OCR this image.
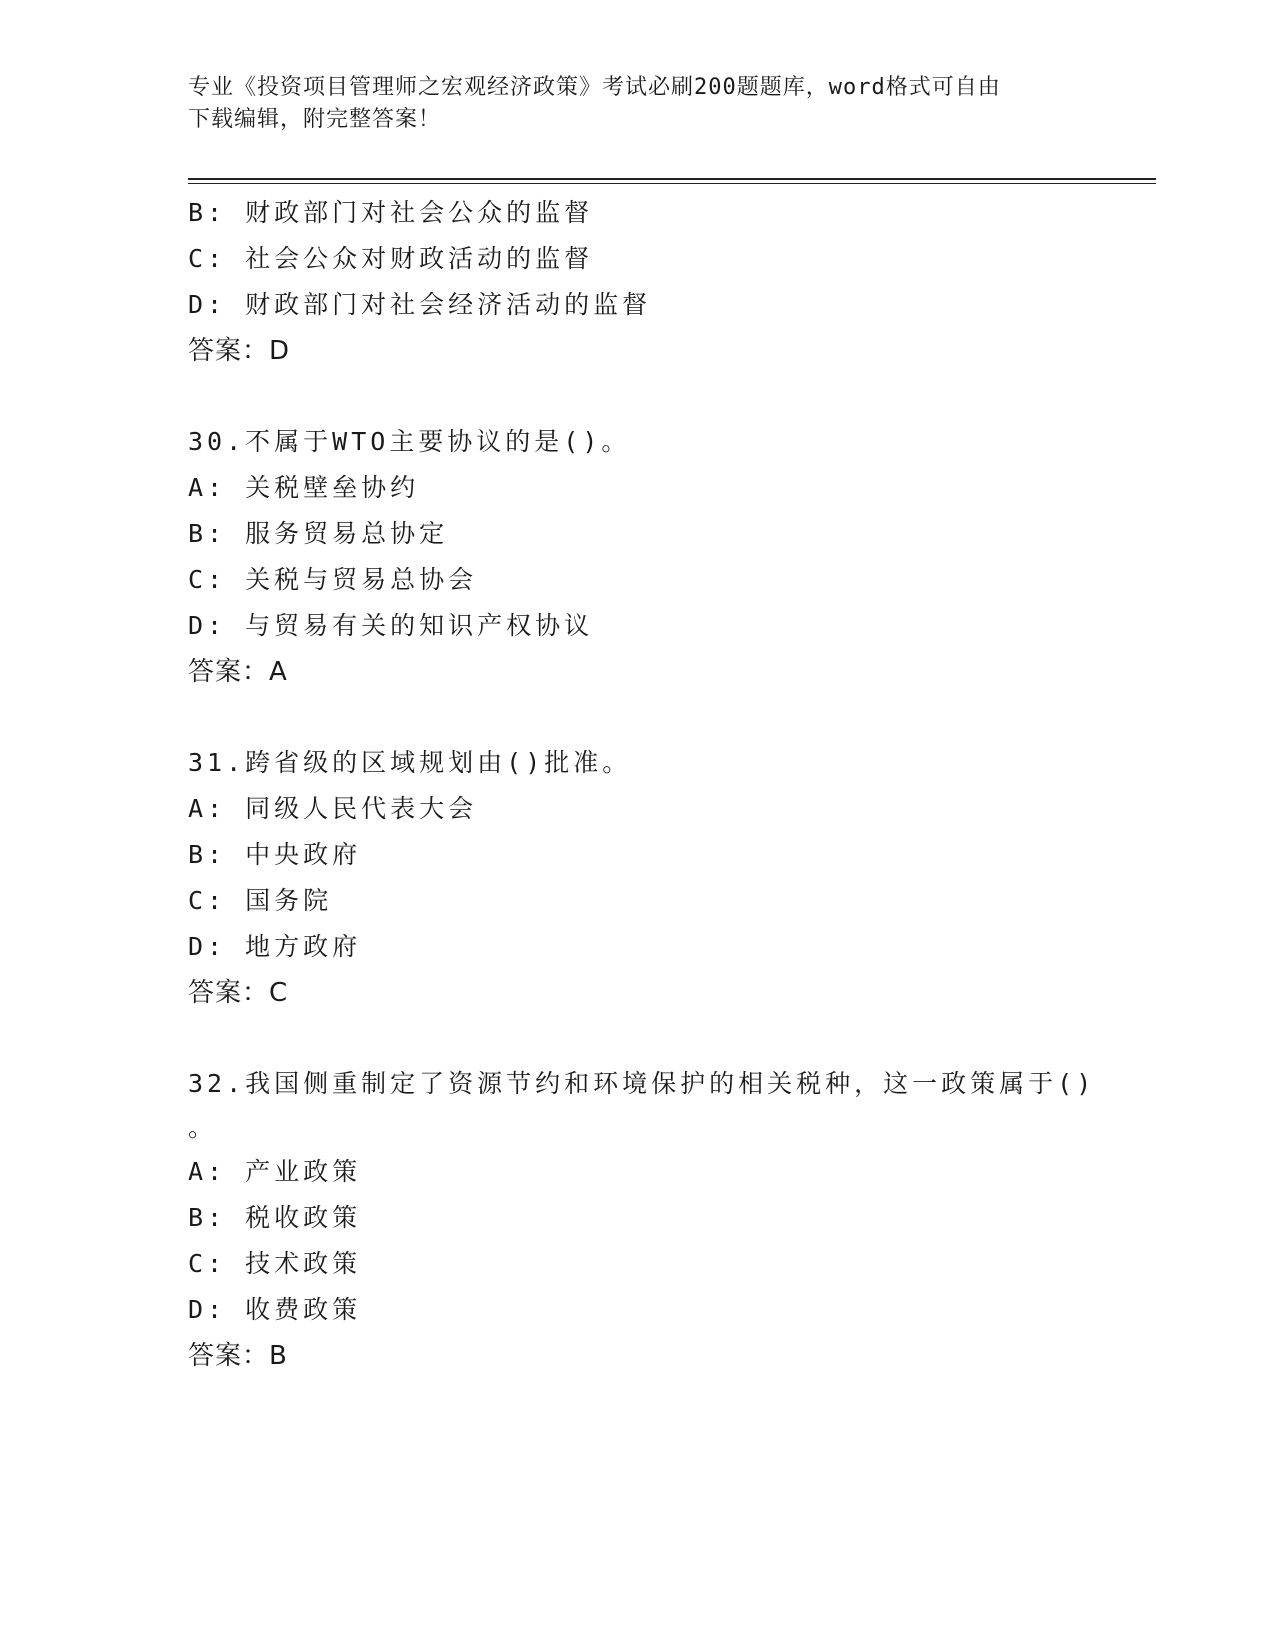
专业《投资项目管理师之宏观经济政策》考试必刷200题题库，word格式可自由
下载编辑，附完整答案！
B: 财政部门对社会公众的监督
C: 社会公众对财政活动的监督
D: 财政部门对社会经济活动的监督
答案：D
30.不属于WTO主要协议的是()。
A: 关税壁垒协约
B: 服务贸易总协定
C: 关税与贸易总协会
D: 与贸易有关的知识产权协议
答案：A
31.跨省级的区域规划由()批准。
A: 同级人民代表大会
B: 中央政府
C: 国务院
D: 地方政府
答案：C
32.我国侧重制定了资源节约和环境保护的相关税种，这一政策属于()
。
A: 产业政策
B: 税收政策
C: 技术政策
D: 收费政策
答案：B
